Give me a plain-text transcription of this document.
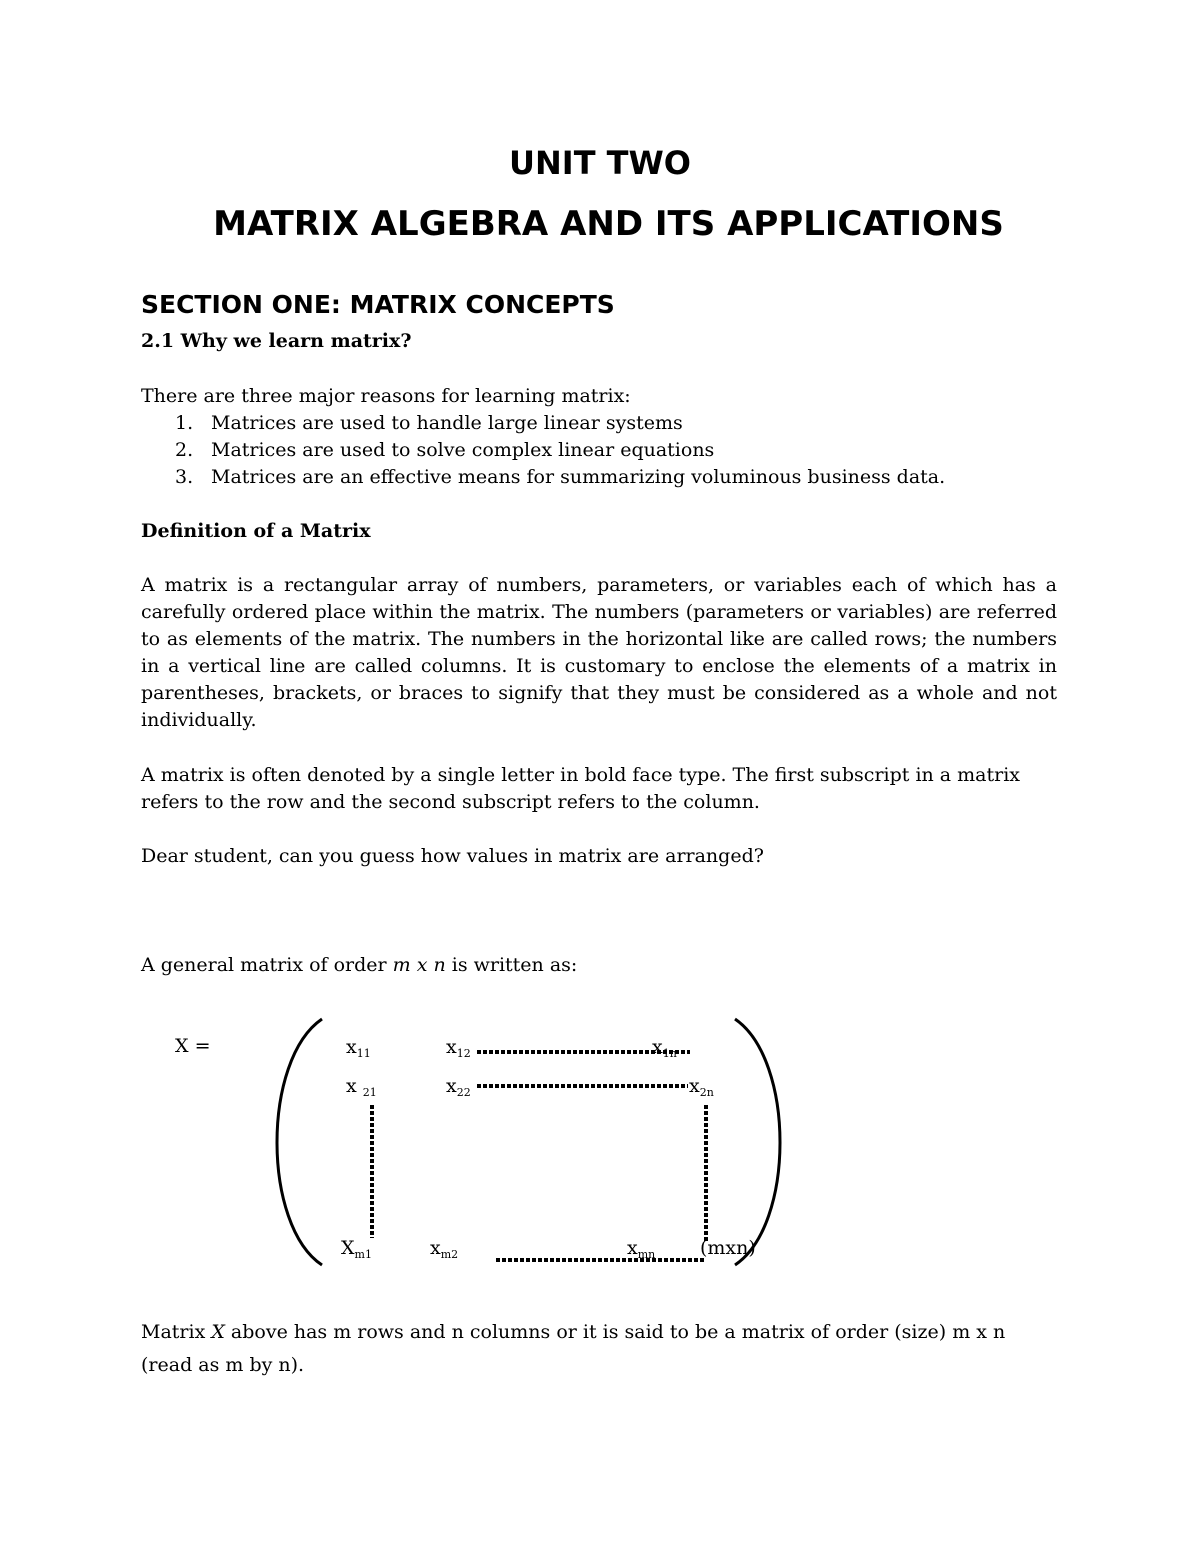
UNIT TWO
MATRIX ALGEBRA AND ITS APPLICATIONS
SECTION ONE: MATRIX CONCEPTS
2.1 Why we learn matrix?
There are three major reasons for learning matrix:
1. Matrices are used to handle large linear systems
2. Matrices are used to solve complex linear equations
3. Matrices are an effective means for summarizing voluminous business data.
Definition of a Matrix

A matrix is a rectangular array of numbers, parameters, or variables each of which has a carefully ordered place within the matrix. The numbers (parameters or variables) are referred to as elements of the matrix. The numbers in the horizontal like are called rows; the numbers in a vertical line are called columns. It is customary to enclose the elements of a matrix in parentheses, brackets, or braces to signify that they must be considered as a whole and not individually.

A matrix is often denoted by a single letter in bold face type. The first subscript in a matrix refers to the row and the second subscript refers to the column.

Dear student, can you guess how values in matrix are arranged?

A general matrix of order m x n is written as:

X =	$x_{11}$	$x_{12}$	$x_{1n}$
x $_{21}$	$x_{22}$	$x_{2n}$
$X_{m1}$	$x_{m2}$	$x_{mn}$ (mxn)

Matrix X above has m rows and n columns or it is said to be a matrix of order (size) m x n (read as m by n).
